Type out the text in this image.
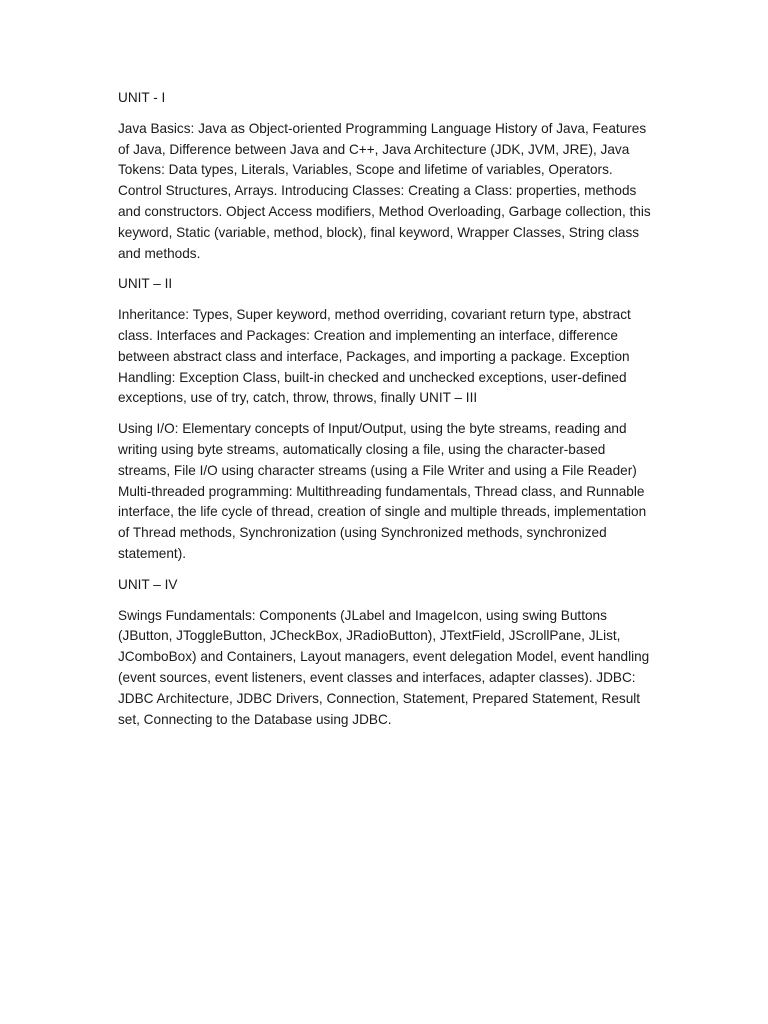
UNIT - I
Java Basics: Java as Object-oriented Programming Language History of Java, Features of Java, Difference between Java and C++, Java Architecture (JDK, JVM, JRE), Java Tokens: Data types, Literals, Variables, Scope and lifetime of variables, Operators. Control Structures, Arrays. Introducing Classes: Creating a Class: properties, methods and constructors. Object Access modifiers, Method Overloading, Garbage collection, this keyword, Static (variable, method, block), final keyword, Wrapper Classes, String class and methods.
UNIT – II
Inheritance: Types, Super keyword, method overriding, covariant return type, abstract class. Interfaces and Packages: Creation and implementing an interface, difference between abstract class and interface, Packages, and importing a package. Exception Handling: Exception Class, built-in checked and unchecked exceptions, user-defined exceptions, use of try, catch, throw, throws, finally UNIT – III
Using I/O: Elementary concepts of Input/Output, using the byte streams, reading and writing using byte streams, automatically closing a file, using the character-based streams, File I/O using character streams (using a File Writer and using a File Reader) Multi-threaded programming: Multithreading fundamentals, Thread class, and Runnable interface, the life cycle of thread, creation of single and multiple threads, implementation of Thread methods, Synchronization (using Synchronized methods, synchronized statement).
UNIT – IV
Swings Fundamentals: Components (JLabel and ImageIcon, using swing Buttons (JButton, JToggleButton, JCheckBox, JRadioButton), JTextField, JScrollPane, JList, JComboBox) and Containers, Layout managers, event delegation Model, event handling (event sources, event listeners, event classes and interfaces, adapter classes). JDBC: JDBC Architecture, JDBC Drivers, Connection, Statement, Prepared Statement, Result set, Connecting to the Database using JDBC.
